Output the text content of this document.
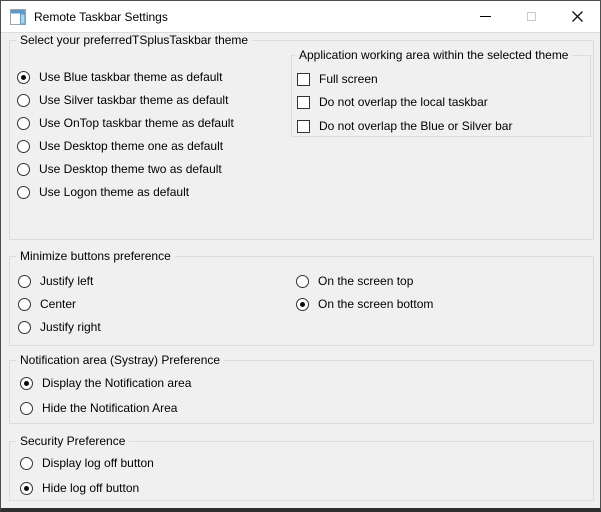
Remote Taskbar Settings
Select your preferredTSplusTaskbar theme
Use Blue taskbar theme as default
Use Silver taskbar theme as default
Use OnTop taskbar theme as default
Use Desktop theme one as default
Use Desktop theme two as default
Use Logon theme as default
Application working area within the selected theme
Full screen
Do not overlap the local taskbar
Do not overlap the Blue or Silver bar
Minimize buttons preference
Justify left
Center
Justify right
On the screen top
On the screen bottom
Notification area (Systray) Preference
Display the Notification area
Hide the Notification Area
Security Preference
Display log off button
Hide log off button
